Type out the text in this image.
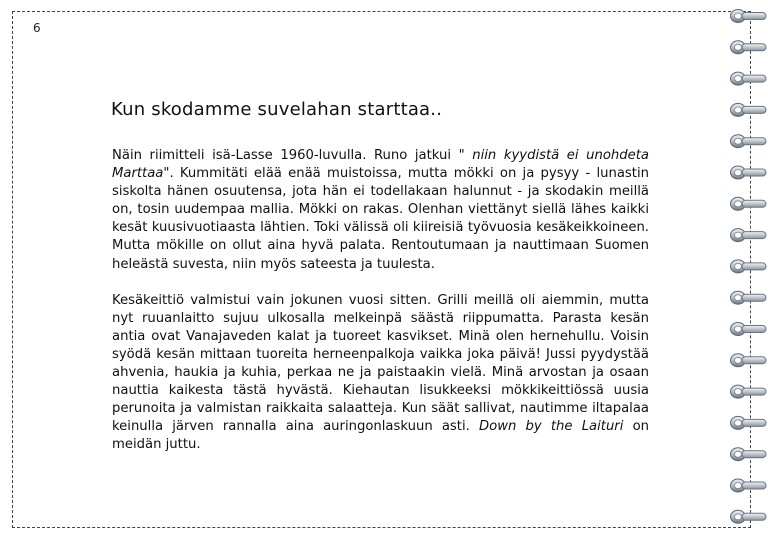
6
Kun skodamme suvelahan starttaa..

Näin riimitteli isä-Lasse 1960-luvulla. Runo jatkui " niin kyydistä ei unohdeta Marttaa". Kummitäti elää enää muistoissa, mutta mökki on ja pysyy - lunastin siskolta hänen osuutensa, jota hän ei todellakaan halunnut - ja skodakin meillä on, tosin uudempaa mallia. Mökki on rakas. Olenhan viettänyt siellä lähes kaikki kesät kuusivuotiaasta lähtien. Toki välissä oli kiireisiä työvuosia kesäkeikkoineen. Mutta mökille on ollut aina hyvä palata. Rentoutumaan ja nauttimaan Suomen heleästä suvesta, niin myös sateesta ja tuulesta.

Kesäkeittiö valmistui vain jokunen vuosi sitten. Grilli meillä oli aiemmin, mutta nyt ruuanlaitto sujuu ulkosalla melkeinpä säästä riippumatta. Parasta kesän antia ovat Vanajaveden kalat ja tuoreet kasvikset. Minä olen hernehullu. Voisin syödä kesän mittaan tuoreita herneenpalkoja vaikka joka päivä! Jussi pyydystää ahvenia, haukia ja kuhia, perkaa ne ja paistaakin vielä. Minä arvostan ja osaan nauttia kaikesta tästä hyvästä. Kiehautan lisukkeeksi mökkikeittiössä uusia perunoita ja valmistan raikkaita salaatteja. Kun säät sallivat, nautimme iltapalaa keinulla järven rannalla aina auringonlaskuun asti. Down by the Laituri on meidän juttu.
